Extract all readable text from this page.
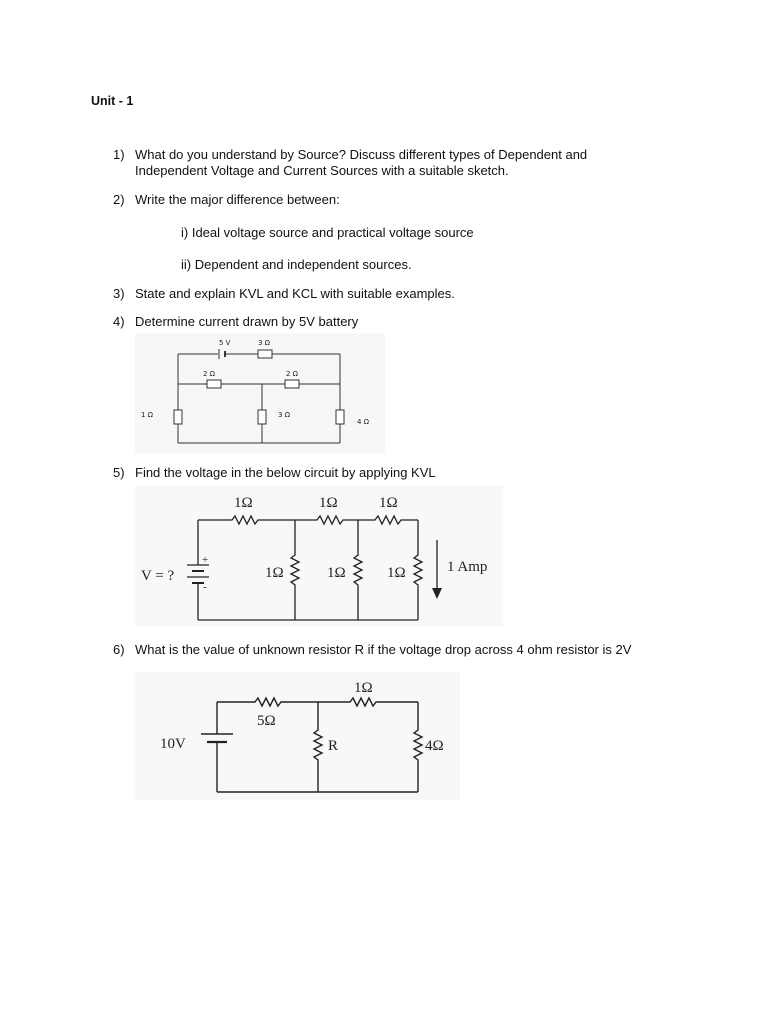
Unit - 1
1) What do you understand by Source? Discuss different types of Dependent and
Independent Voltage and Current Sources with a suitable sketch.
2) Write the major difference between:
i) Ideal voltage source and practical voltage source
ii) Dependent and independent sources.
3) State and explain KVL and KCL with suitable examples.
4) Determine current drawn by 5V battery
5 V	3 Ω
2 Ω	2 Ω
1 Ω	3 Ω
4 Ω
5) Find the voltage in the below circuit by applying KVL
1Ω	1Ω	1Ω
1Ω	1Ω	1Ω
V = ?
1 Amp
+
-
6) What is the value of unknown resistor R if the voltage drop across 4 ohm resistor is 2V
1Ω
5Ω
10V	R	4Ω
